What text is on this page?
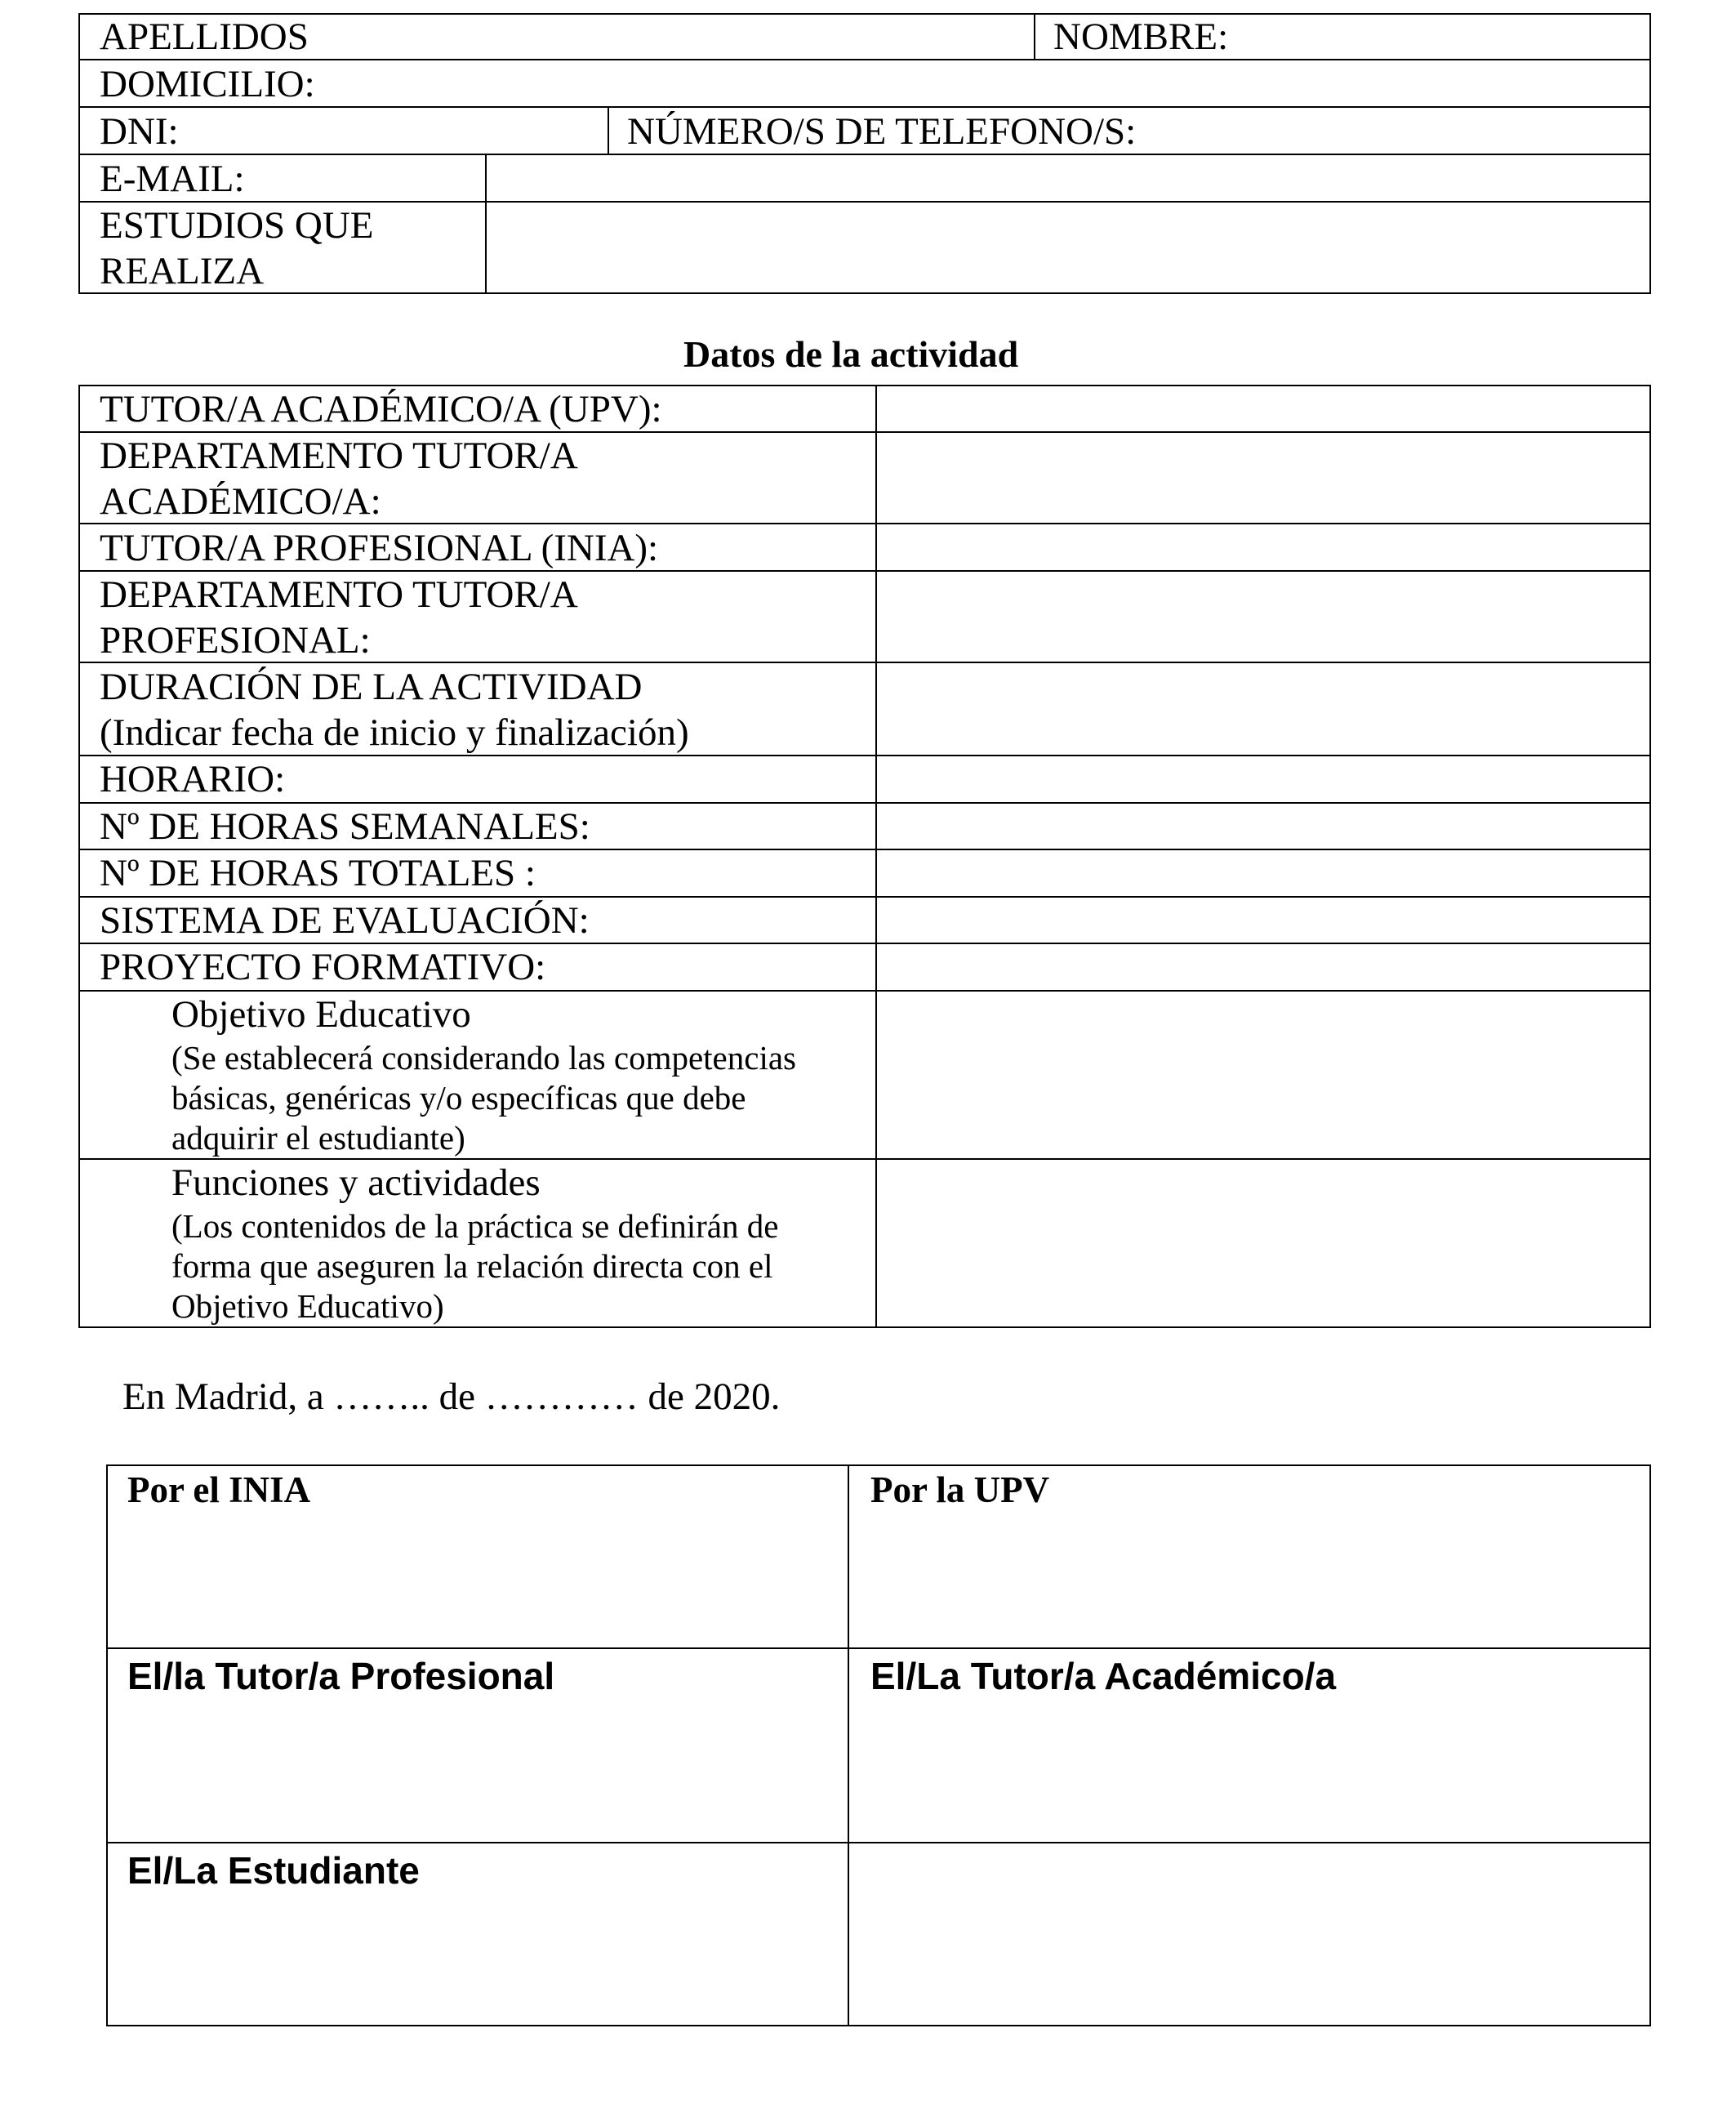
APELLIDOS	NOMBRE:
DOMICILIO:
DNI:	NÚMERO/S DE TELEFONO/S:
E-MAIL:
ESTUDIOS QUE
REALIZA
Datos de la actividad
TUTOR/A ACADÉMICO/A (UPV):
DEPARTAMENTO TUTOR/A
ACADÉMICO/A:
TUTOR/A PROFESIONAL (INIA):
DEPARTAMENTO TUTOR/A
PROFESIONAL:
DURACIÓN DE LA ACTIVIDAD
(Indicar fecha de inicio y finalización)
HORARIO:
Nº DE HORAS SEMANALES:
Nº DE HORAS TOTALES :
SISTEMA DE EVALUACIÓN:
PROYECTO FORMATIVO:
Objetivo Educativo
(Se establecerá considerando las competencias
básicas, genéricas y/o específicas que debe
adquirir el estudiante)
Funciones y actividades
(Los contenidos de la práctica se definirán de
forma que aseguren la relación directa con el
Objetivo Educativo)
En Madrid, a …….. de ………… de 2020.
Por el INIA	Por la UPV
El/la Tutor/a Profesional	El/La Tutor/a Académico/a
El/La Estudiante
